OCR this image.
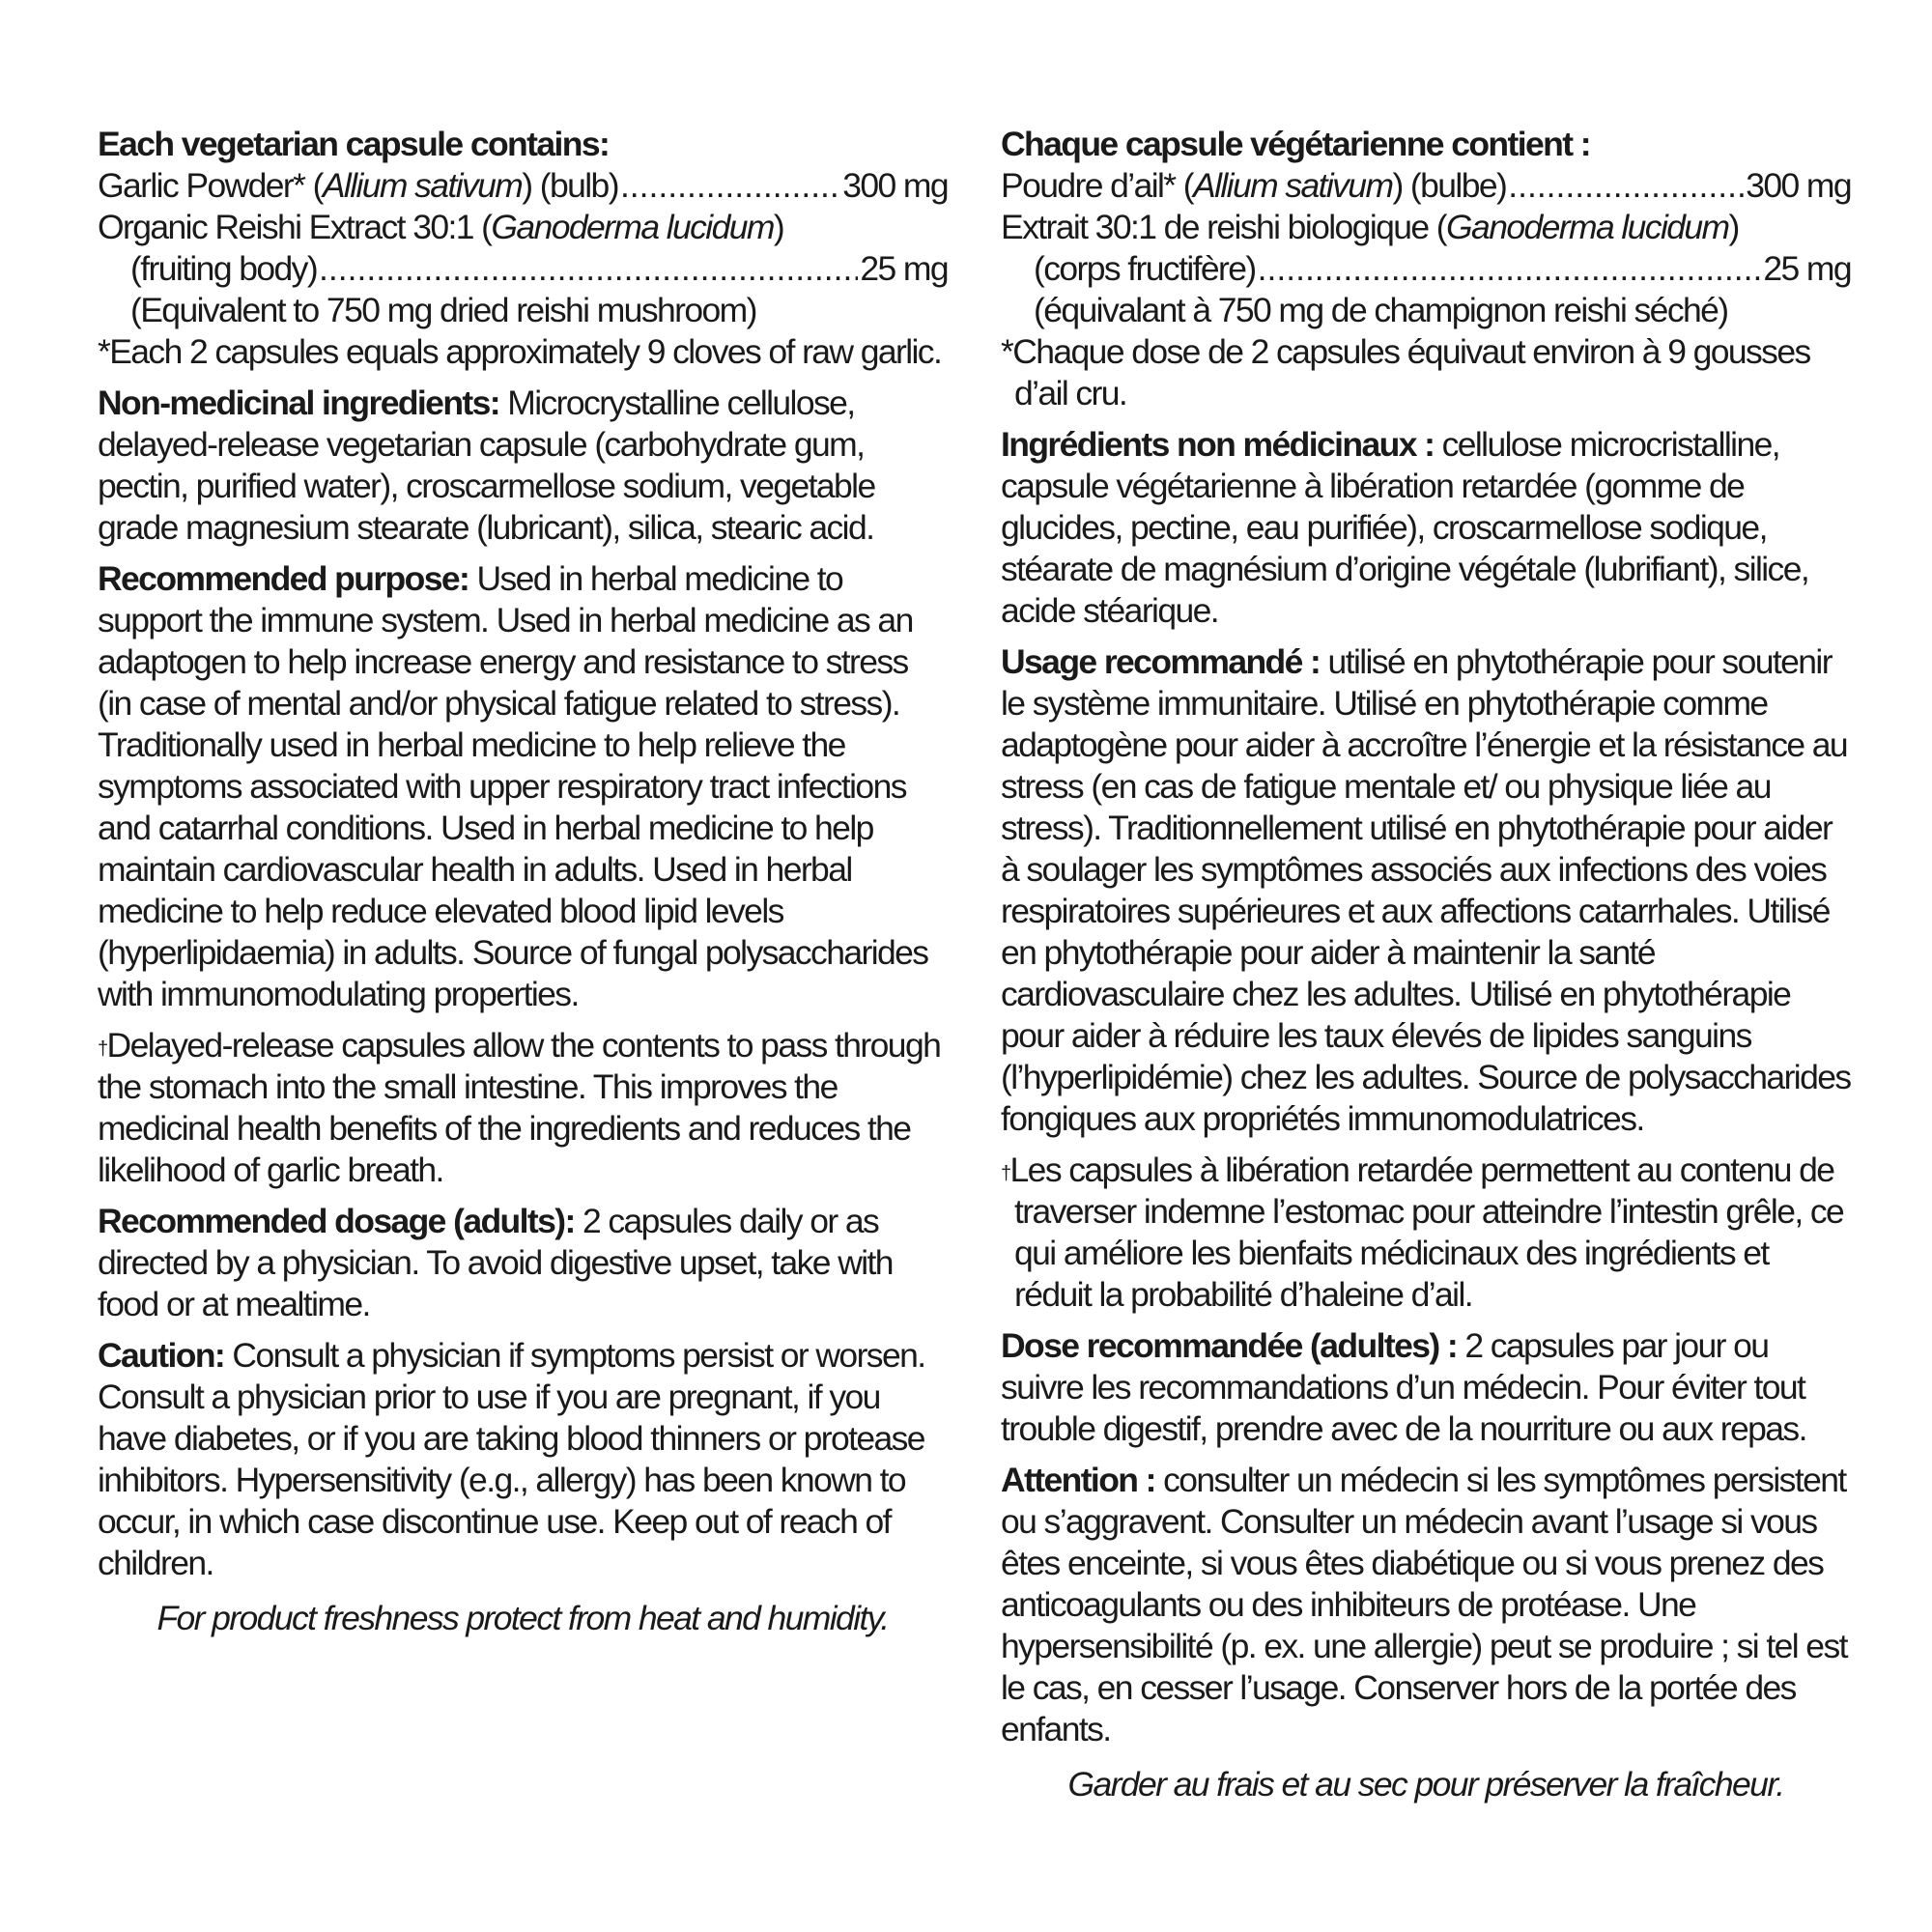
Each vegetarian capsule contains:

Garlic Powder* (Allium sativum) (bulb) .....	300 mg
Organic Reishi Extract 30:1 (Ganoderma lucidum)
(fruiting body) .....	25 mg
(Equivalent to 750 mg dried reishi mushroom)
*Each 2 capsules equals approximately 9 cloves of raw garlic.

Non-medicinal ingredients: Microcrystalline cellulose, delayed-release vegetarian capsule (carbohydrate gum, pectin, purified water), croscarmellose sodium, vegetable grade magnesium stearate (lubricant), silica, stearic acid.

Recommended purpose: Used in herbal medicine to support the immune system. Used in herbal medicine as an adaptogen to help increase energy and resistance to stress (in case of mental and/or physical fatigue related to stress). Traditionally used in herbal medicine to help relieve the symptoms associated with upper respiratory tract infections and catarrhal conditions. Used in herbal medicine to help maintain cardiovascular health in adults. Used in herbal medicine to help reduce elevated blood lipid levels (hyperlipidaemia) in adults. Source of fungal polysaccharides with immunomodulating properties.

†Delayed-release capsules allow the contents to pass through the stomach into the small intestine. This improves the medicinal health benefits of the ingredients and reduces the likelihood of garlic breath.

Recommended dosage (adults): 2 capsules daily or as directed by a physician. To avoid digestive upset, take with food or at mealtime.

Caution: Consult a physician if symptoms persist or worsen. Consult a physician prior to use if you are pregnant, if you have diabetes, or if you are taking blood thinners or protease inhibitors. Hypersensitivity (e.g., allergy) has been known to occur, in which case discontinue use. Keep out of reach of children.

For product freshness protect from heat and humidity.

Chaque capsule végétarienne contient :

Poudre d’ail* (Allium sativum) (bulbe) .....	300 mg
Extrait 30:1 de reishi biologique (Ganoderma lucidum)
(corps fructifère) .....	25 mg
(équivalant à 750 mg de champignon reishi séché)
*Chaque dose de 2 capsules équivaut environ à 9 gousses d’ail cru.

Ingrédients non médicinaux : cellulose microcristalline, capsule végétarienne à libération retardée (gomme de glucides, pectine, eau purifiée), croscarmellose sodique, stéarate de magnésium d’origine végétale (lubrifiant), silice, acide stéarique.

Usage recommandé : utilisé en phytothérapie pour soutenir le système immunitaire. Utilisé en phytothérapie comme adaptogène pour aider à accroître l’énergie et la résistance au stress (en cas de fatigue mentale et/ ou physique liée au stress). Traditionnellement utilisé en phytothérapie pour aider à soulager les symptômes associés aux infections des voies respiratoires supérieures et aux affections catarrhales. Utilisé en phytothérapie pour aider à maintenir la santé cardiovasculaire chez les adultes. Utilisé en phytothérapie pour aider à réduire les taux élevés de lipides sanguins (l’hyperlipidémie) chez les adultes. Source de polysaccharides fongiques aux propriétés immunomodulatrices.

†Les capsules à libération retardée permettent au contenu de traverser indemne l’estomac pour atteindre l’intestin grêle, ce qui améliore les bienfaits médicinaux des ingrédients et réduit la probabilité d’haleine d’ail.

Dose recommandée (adultes) : 2 capsules par jour ou suivre les recommandations d’un médecin. Pour éviter tout trouble digestif, prendre avec de la nourriture ou aux repas.

Attention : consulter un médecin si les symptômes persistent ou s’aggravent. Consulter un médecin avant l’usage si vous êtes enceinte, si vous êtes diabétique ou si vous prenez des anticoagulants ou des inhibiteurs de protéase. Une hypersensibilité (p. ex. une allergie) peut se produire ; si tel est le cas, en cesser l’usage. Conserver hors de la portée des enfants.

Garder au frais et au sec pour préserver la fraîcheur.
